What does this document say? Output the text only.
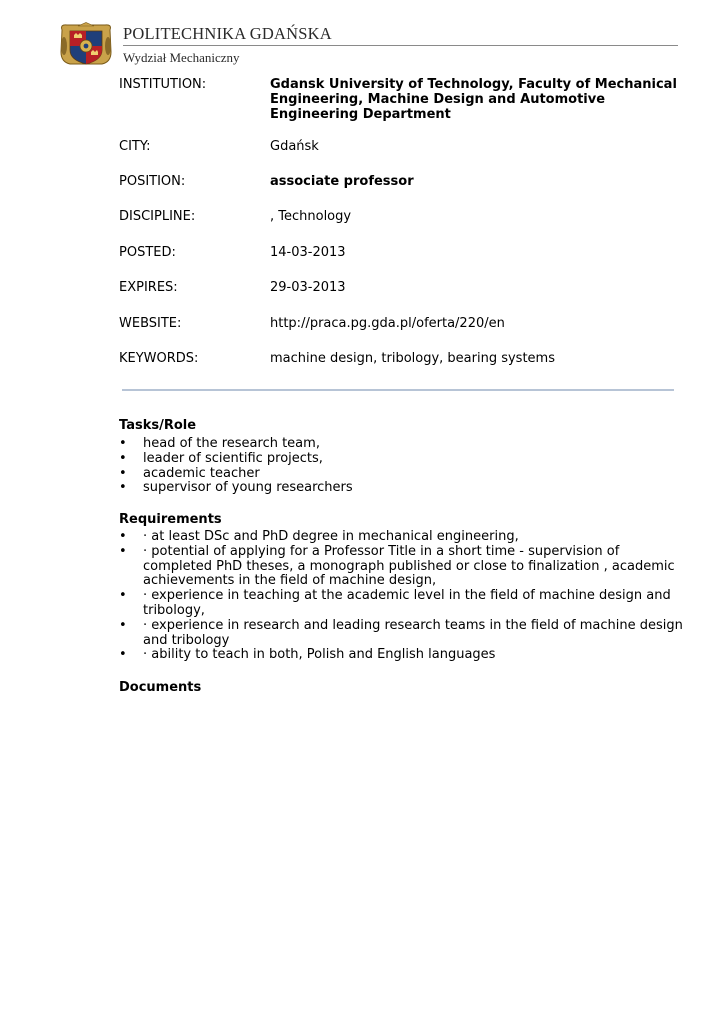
POLITECHNIKA GDAŃSKA
Wydział Mechaniczny
INSTITUTION:	Gdansk University of Technology, Faculty of Mechanical Engineering, Machine Design and Automotive Engineering Department
CITY:	Gdańsk
POSITION:	associate professor
DISCIPLINE:	, Technology
POSTED:	14-03-2013
EXPIRES:	29-03-2013
WEBSITE:	http://praca.pg.gda.pl/oferta/220/en
KEYWORDS:	machine design, tribology, bearing systems
Tasks/Role
• head of the research team,
• leader of scientific projects,
• academic teacher
• supervisor of young researchers
Requirements
• · at least DSc and PhD degree in mechanical engineering,
• · potential of applying for a Professor Title in a short time - supervision of completed PhD theses, a monograph published or close to finalization , academic achievements in the field of machine design,
• · experience in teaching at the academic level in the field of machine design and tribology,
• · experience in research and leading research teams in the field of machine design and tribology
• · ability to teach in both, Polish and English languages
Documents
